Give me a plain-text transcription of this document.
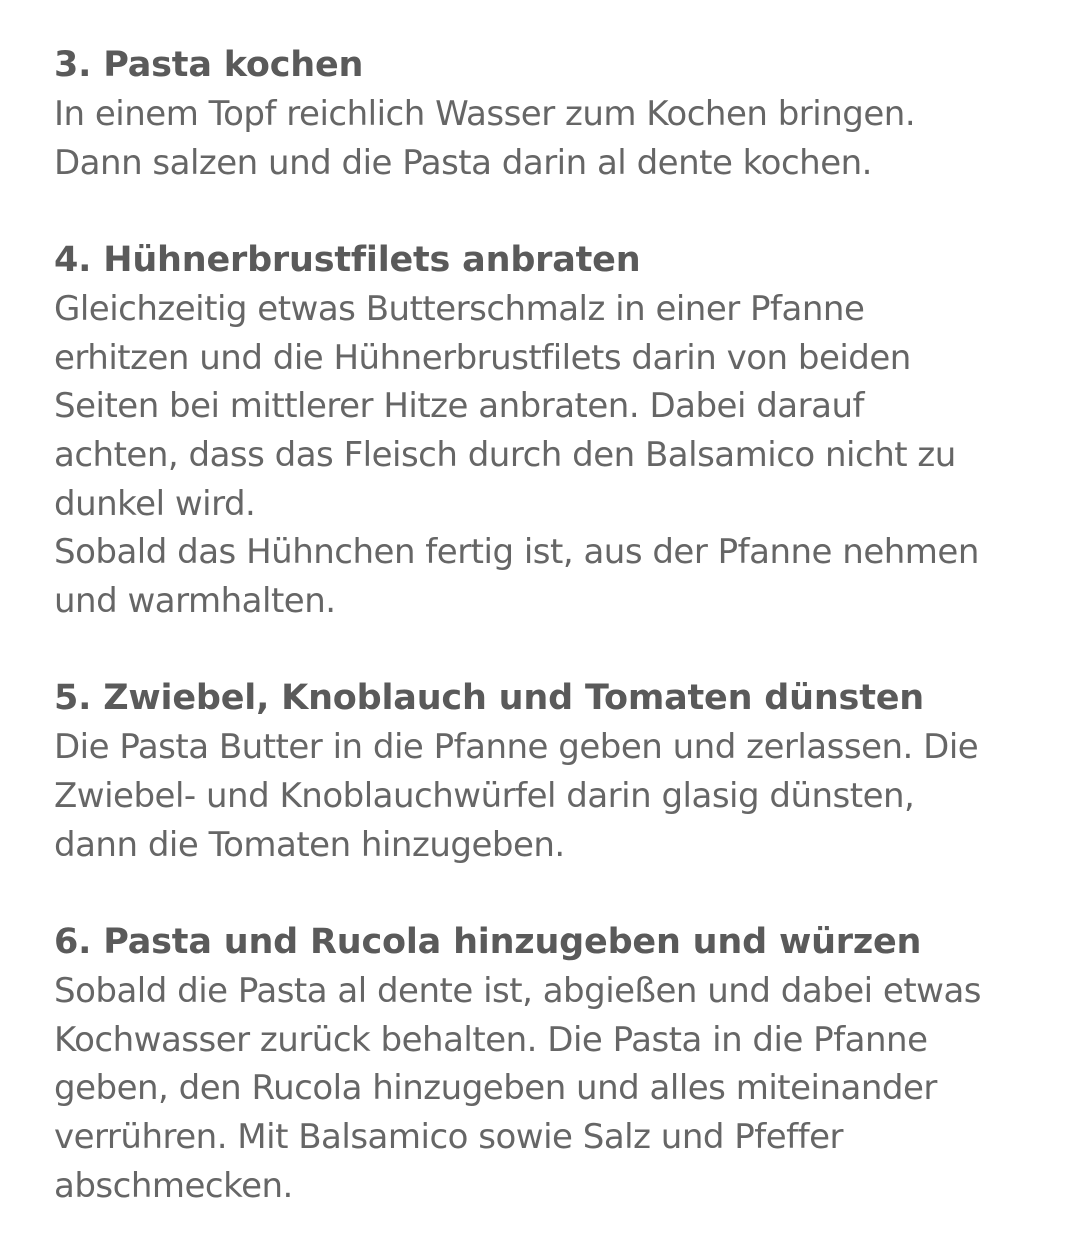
3. Pasta kochen

In einem Topf reichlich Wasser zum Kochen bringen.
Dann salzen und die Pasta darin al dente kochen.

4. Hühnerbrustfilets anbraten

Gleichzeitig etwas Butterschmalz in einer Pfanne
erhitzen und die Hühnerbrustfilets darin von beiden
Seiten bei mittlerer Hitze anbraten. Dabei darauf
achten, dass das Fleisch durch den Balsamico nicht zu
dunkel wird.
Sobald das Hühnchen fertig ist, aus der Pfanne nehmen
und warmhalten.

5. Zwiebel, Knoblauch und Tomaten dünsten

Die Pasta Butter in die Pfanne geben und zerlassen. Die
Zwiebel- und Knoblauchwürfel darin glasig dünsten,
dann die Tomaten hinzugeben.

6. Pasta und Rucola hinzugeben und würzen

Sobald die Pasta al dente ist, abgießen und dabei etwas
Kochwasser zurück behalten. Die Pasta in die Pfanne
geben, den Rucola hinzugeben und alles miteinander
verrühren. Mit Balsamico sowie Salz und Pfeffer
abschmecken.
